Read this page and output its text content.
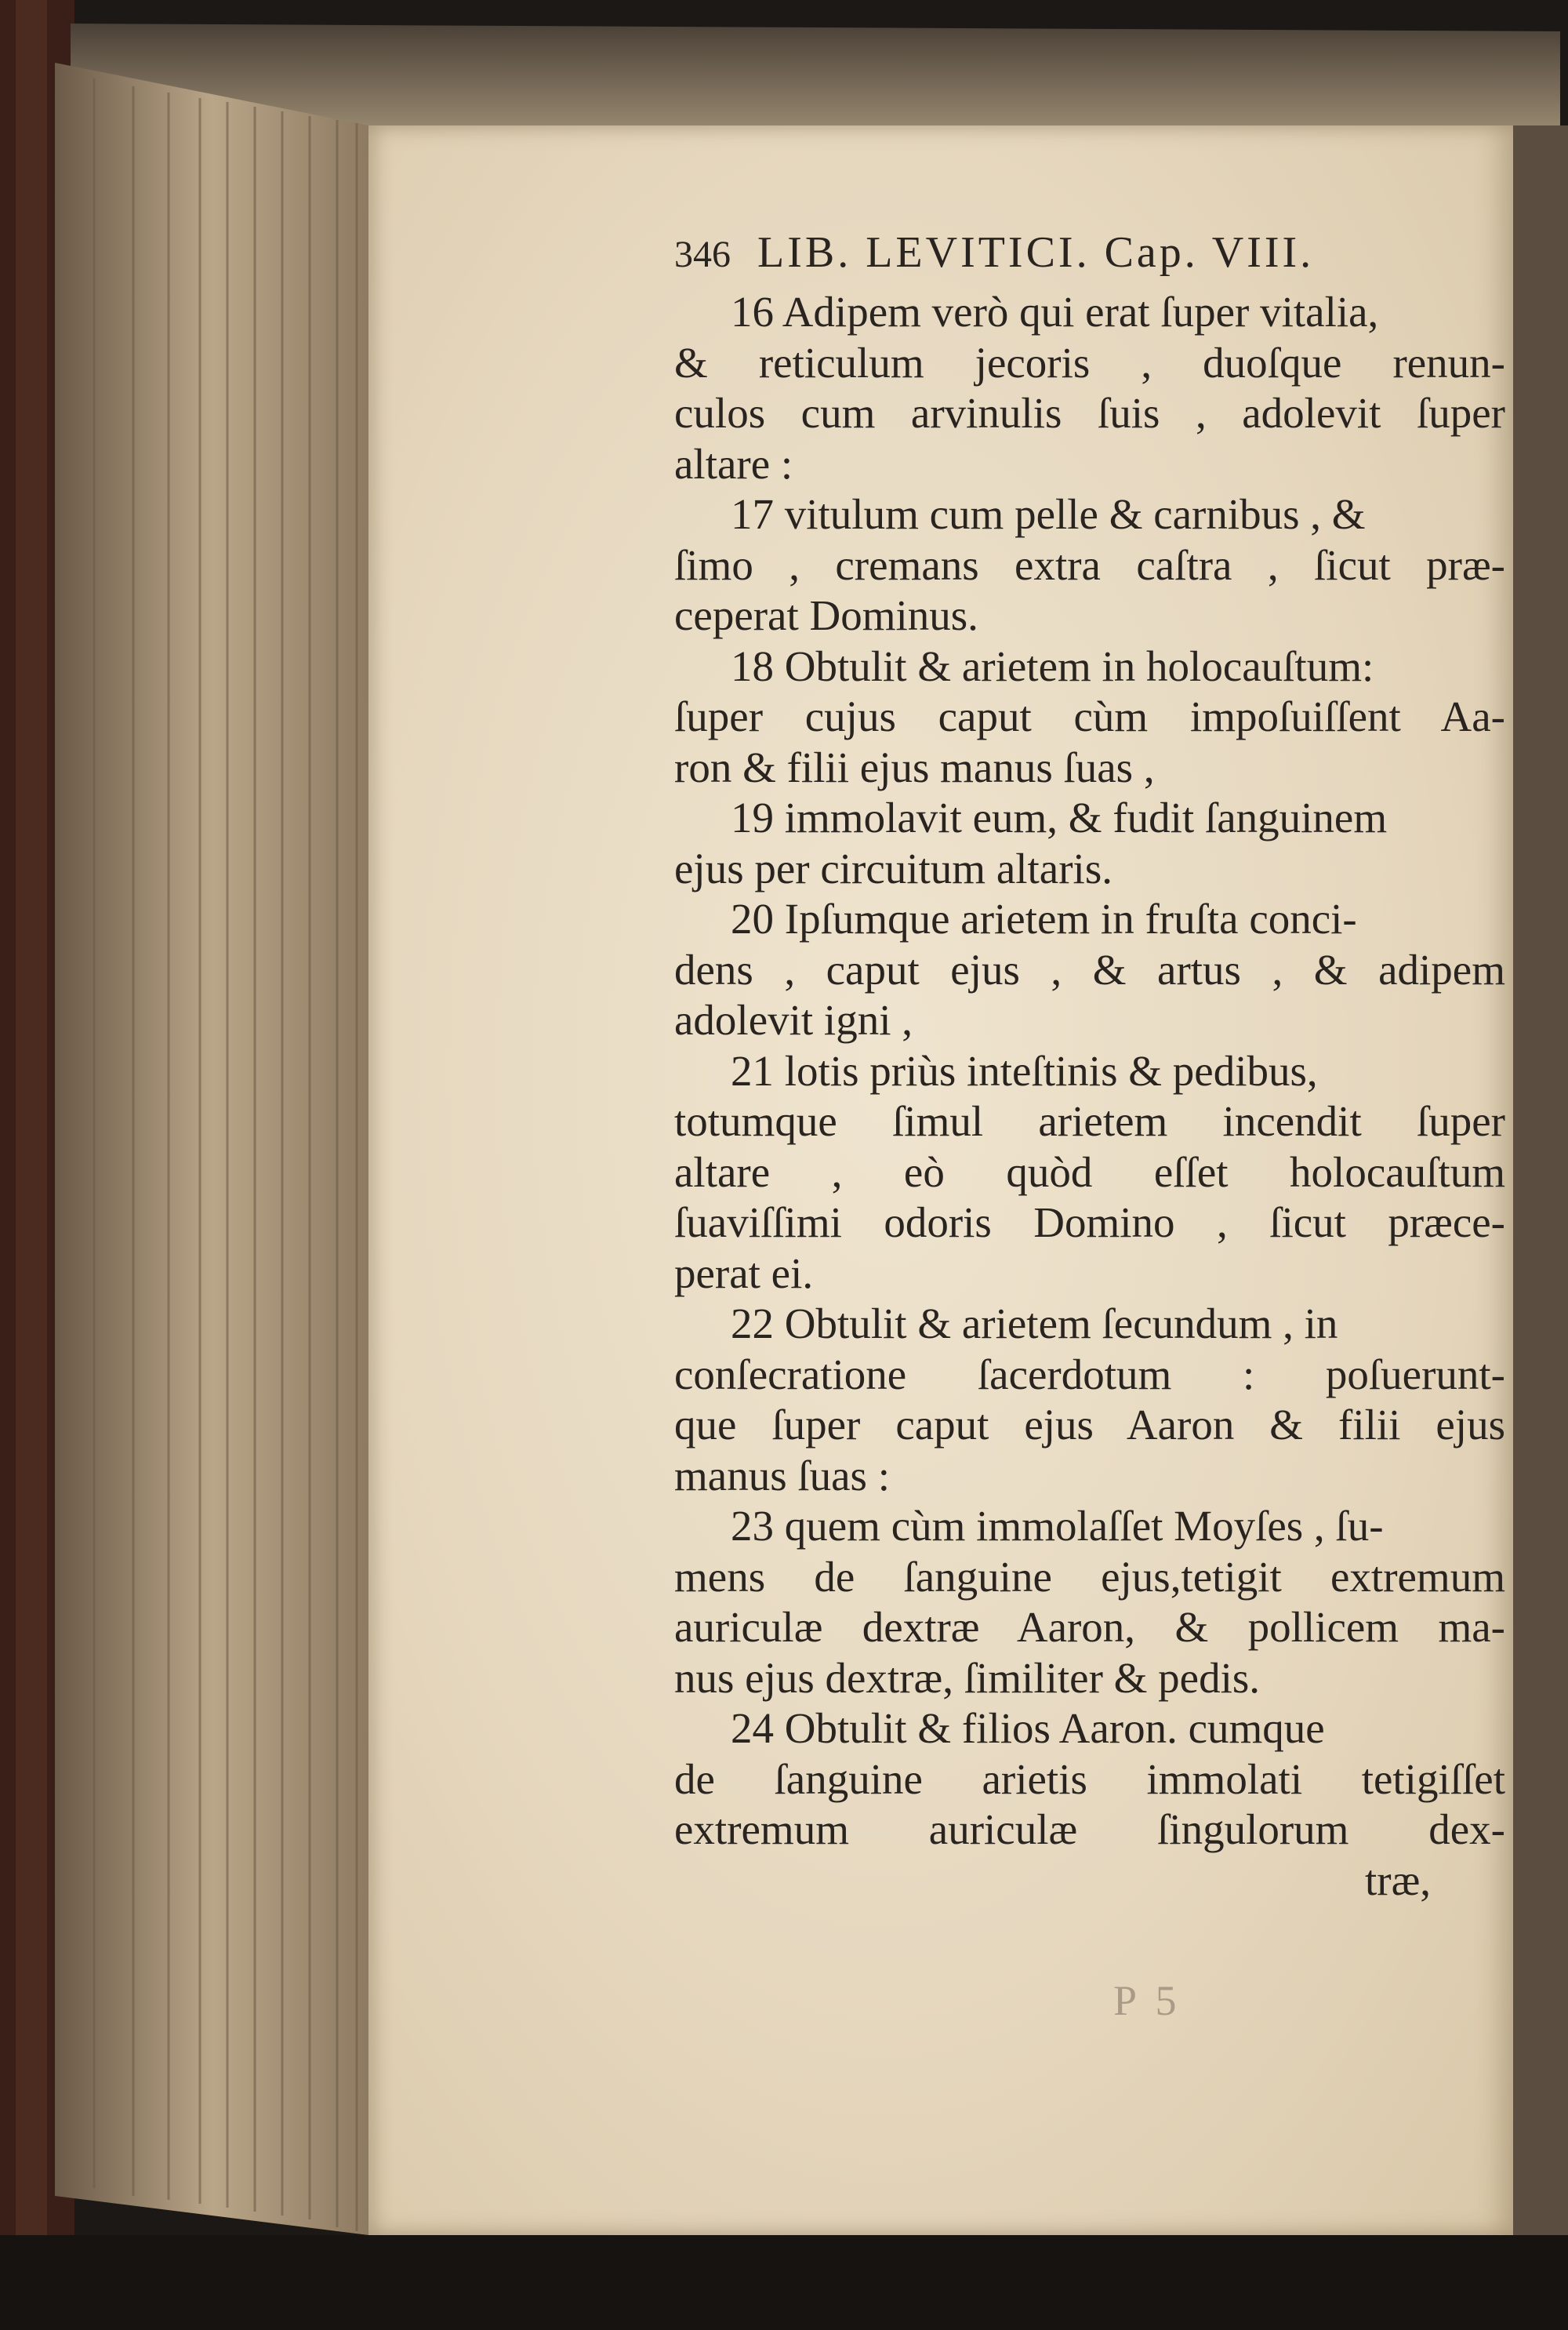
346 LIB. LEVITICI. Cap. VIII.
16 Adipem verò qui erat ſuper vitalia,
& reticulum jecoris , duoſque renun-
culos cum arvinulis ſuis , adolevit ſuper
altare :
17 vitulum cum pelle & carnibus , &
ſimo , cremans extra caſtra , ſicut præ-
ceperat Dominus.
18 Obtulit & arietem in holocauſtum:
ſuper cujus caput cùm impoſuiſſent Aa-
ron & filii ejus manus ſuas ,
19 immolavit eum, & fudit ſanguinem
ejus per circuitum altaris.
20 Ipſumque arietem in fruſta conci-
dens , caput ejus , & artus , & adipem
adolevit igni ,
21 lotis priùs inteſtinis & pedibus,
totumque ſimul arietem incendit ſuper
altare , eò quòd eſſet holocauſtum
ſuaviſſimi odoris Domino , ſicut præce-
perat ei.
22 Obtulit & arietem ſecundum , in
conſecratione ſacerdotum : poſuerunt-
que ſuper caput ejus Aaron & filii ejus
manus ſuas :
23 quem cùm immolaſſet Moyſes , ſu-
mens de ſanguine ejus,tetigit extremum
auriculæ dextræ Aaron, & pollicem ma-
nus ejus dextræ, ſimiliter & pedis.
24 Obtulit & filios Aaron. cumque
de ſanguine arietis immolati tetigiſſet
extremum auriculæ ſingulorum dex-
træ,
P 5
